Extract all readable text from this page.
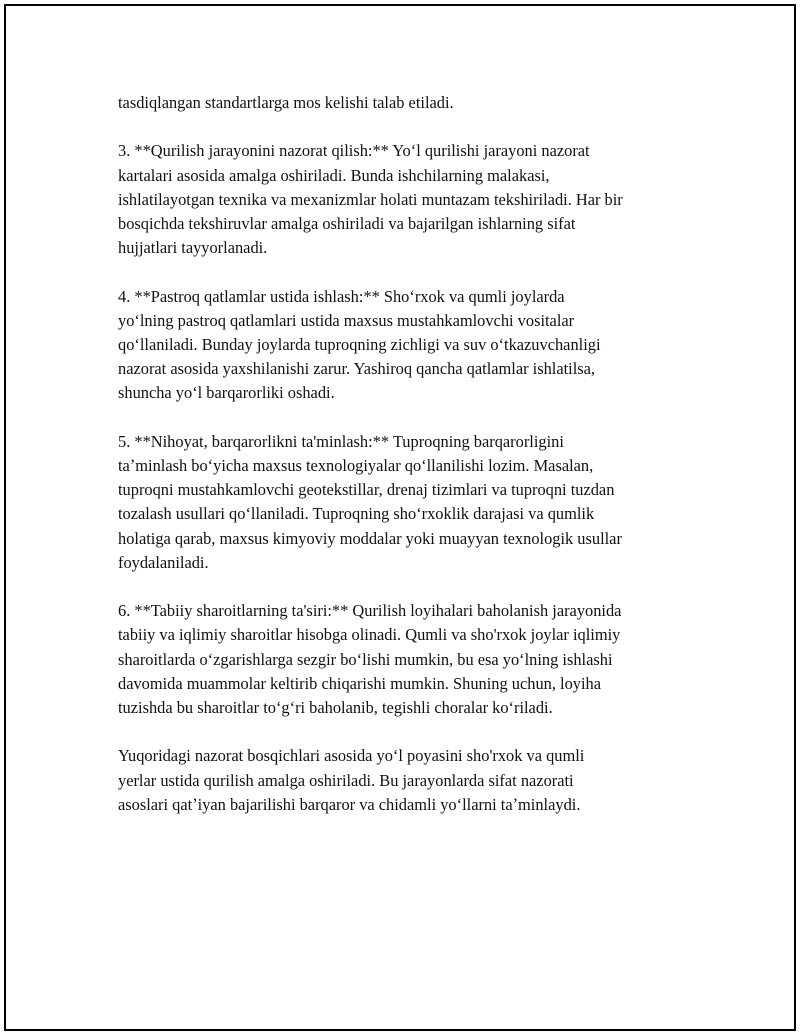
tasdiqlangan standartlarga mos kelishi talab etiladi.
3. **Qurilish jarayonini nazorat qilish:** Yoʻl qurilishi jarayoni nazorat
kartalari asosida amalga oshiriladi. Bunda ishchilarning malakasi,
ishlatilayotgan texnika va mexanizmlar holati muntazam tekshiriladi. Har bir
bosqichda tekshiruvlar amalga oshiriladi va bajarilgan ishlarning sifat
hujjatlari tayyorlanadi.
4. **Pastroq qatlamlar ustida ishlash:** Shoʻrxok va qumli joylarda
yoʻlning pastroq qatlamlari ustida maxsus mustahkamlovchi vositalar
qoʻllaniladi. Bunday joylarda tuproqning zichligi va suv oʻtkazuvchanligi
nazorat asosida yaxshilanishi zarur. Yashiroq qancha qatlamlar ishlatilsa,
shuncha yoʻl barqarorliki oshadi.
5. **Nihoyat, barqarorlikni ta'minlash:** Tuproqning barqarorligini
taʼminlash boʻyicha maxsus texnologiyalar qoʻllanilishi lozim. Masalan,
tuproqni mustahkamlovchi geotekstillar, drenaj tizimlari va tuproqni tuzdan
tozalash usullari qoʻllaniladi. Tuproqning shoʻrxoklik darajasi va qumlik
holatiga qarab, maxsus kimyoviy moddalar yoki muayyan texnologik usullar
foydalaniladi.
6. **Tabiiy sharoitlarning ta'siri:** Qurilish loyihalari baholanish jarayonida
tabiiy va iqlimiy sharoitlar hisobga olinadi. Qumli va sho'rxok joylar iqlimiy
sharoitlarda oʻzgarishlarga sezgir boʻlishi mumkin, bu esa yoʻlning ishlashi
davomida muammolar keltirib chiqarishi mumkin. Shuning uchun, loyiha
tuzishda bu sharoitlar toʻgʻri baholanib, tegishli choralar koʻriladi.
Yuqoridagi nazorat bosqichlari asosida yoʻl poyasini sho'rxok va qumli
yerlar ustida qurilish amalga oshiriladi. Bu jarayonlarda sifat nazorati
asoslari qatʼiyan bajarilishi barqaror va chidamli yoʻllarni taʼminlaydi.
